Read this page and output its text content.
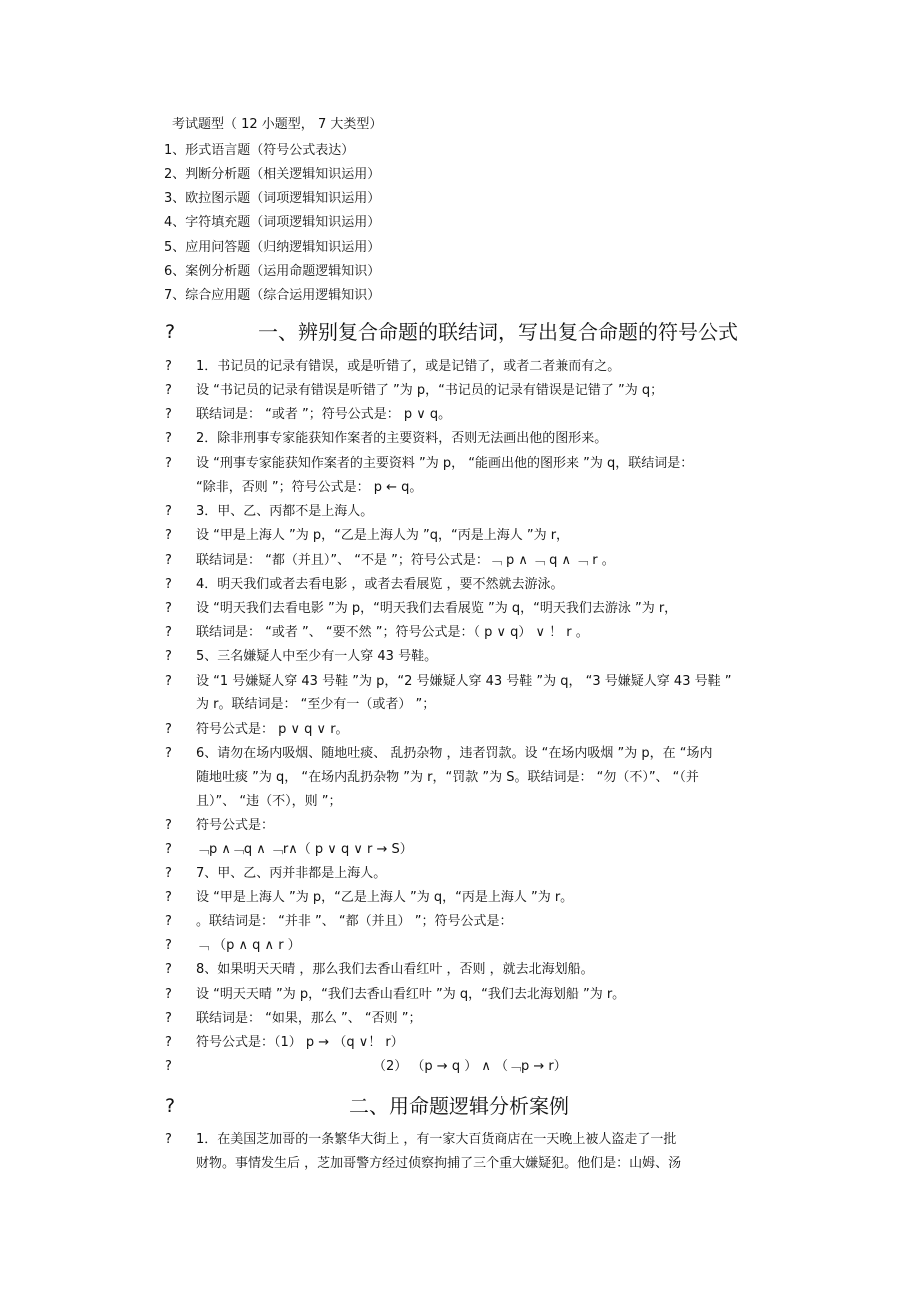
考试题型（ 12 小题型， 7 大类型）
1、形式语言题（符号公式表达）
2、判断分析题（相关逻辑知识运用）
3、欧拉图示题（词项逻辑知识运用）
4、字符填充题（词项逻辑知识运用）
5、应用问答题（归纳逻辑知识运用）
6、案例分析题（运用命题逻辑知识）
7、综合应用题（综合运用逻辑知识）
?	一、辨别复合命题的联结词，写出复合命题的符号公式
? 1．书记员的记录有错误，或是听错了，或是记错了，或者二者兼而有之。
? 设 “书记员的记录有错误是听错了 ”为 p，“书记员的记录有错误是记错了 ”为 q；
? 联结词是： “或者 ”；符号公式是： p ∨ q。
? 2．除非刑事专家能获知作案者的主要资料，否则无法画出他的图形来。
? 设 “刑事专家能获知作案者的主要资料 ”为 p， “能画出他的图形来 ”为 q，联结词是：
“除非，否则 ”；符号公式是： p ← q。
? 3．甲、乙、丙都不是上海人。
? 设 “甲是上海人 ”为 p，“乙是上海人为 ”q，“丙是上海人 ”为 r，
? 联结词是： “都（并且）”、 “不是 ”；符号公式是：﹁ p ∧ ﹁ q ∧ ﹁ r 。
? 4．明天我们或者去看电影 ，或者去看展览 ，要不然就去游泳。
? 设 “明天我们去看电影 ”为 p，“明天我们去看展览 ”为 q，“明天我们去游泳 ”为 r，
? 联结词是： “或者 ”、 “要不然 ”；符号公式是：（ p ∨ q） ∨ ！ r 。
? 5、三名嫌疑人中至少有一人穿 43 号鞋。
? 设 “1 号嫌疑人穿 43 号鞋 ”为 p，“2 号嫌疑人穿 43 号鞋 ”为 q， “3 号嫌疑人穿 43 号鞋 ”
为 r。联结词是： “至少有一（或者） ”；
? 符号公式是： p ∨ q ∨ r。
? 6、请勿在场内吸烟、随地吐痰、 乱扔杂物 ，违者罚款。设 “在场内吸烟 ”为 p，在 “场内
随地吐痰 ”为 q， “在场内乱扔杂物 ”为 r，“罚款 ”为 S。联结词是： “勿（不）”、 “（并
且）”、 “违（不），则 ”；
? 符号公式是：
? ﹁p ∧﹁q ∧ ﹁r∧（ p ∨ q ∨ r → S）
? 7、甲、乙、丙并非都是上海人。
? 设 “甲是上海人 ”为 p，“乙是上海人 ”为 q，“丙是上海人 ”为 r。
? 。联结词是： “并非 ”、 “都（并且） ”；符号公式是：
? ﹁ （p ∧ q ∧ r ）
? 8、如果明天天晴 ，那么我们去香山看红叶 ，否则 ，就去北海划船。
? 设 “明天天晴 ”为 p，“我们去香山看红叶 ”为 q，“我们去北海划船 ”为 r。
? 联结词是： “如果，那么 ”、 “否则 ”；
? 符号公式是：（1） p → （q ∨！ r）
?	（2） （p → q ） ∧ （﹁p → r）
?	二、用命题逻辑分析案例
? 1．在美国芝加哥的一条繁华大街上 ，有一家大百货商店在一天晚上被人盗走了一批
财物。事情发生后 ，芝加哥警方经过侦察拘捕了三个重大嫌疑犯。他们是：山姆、汤
